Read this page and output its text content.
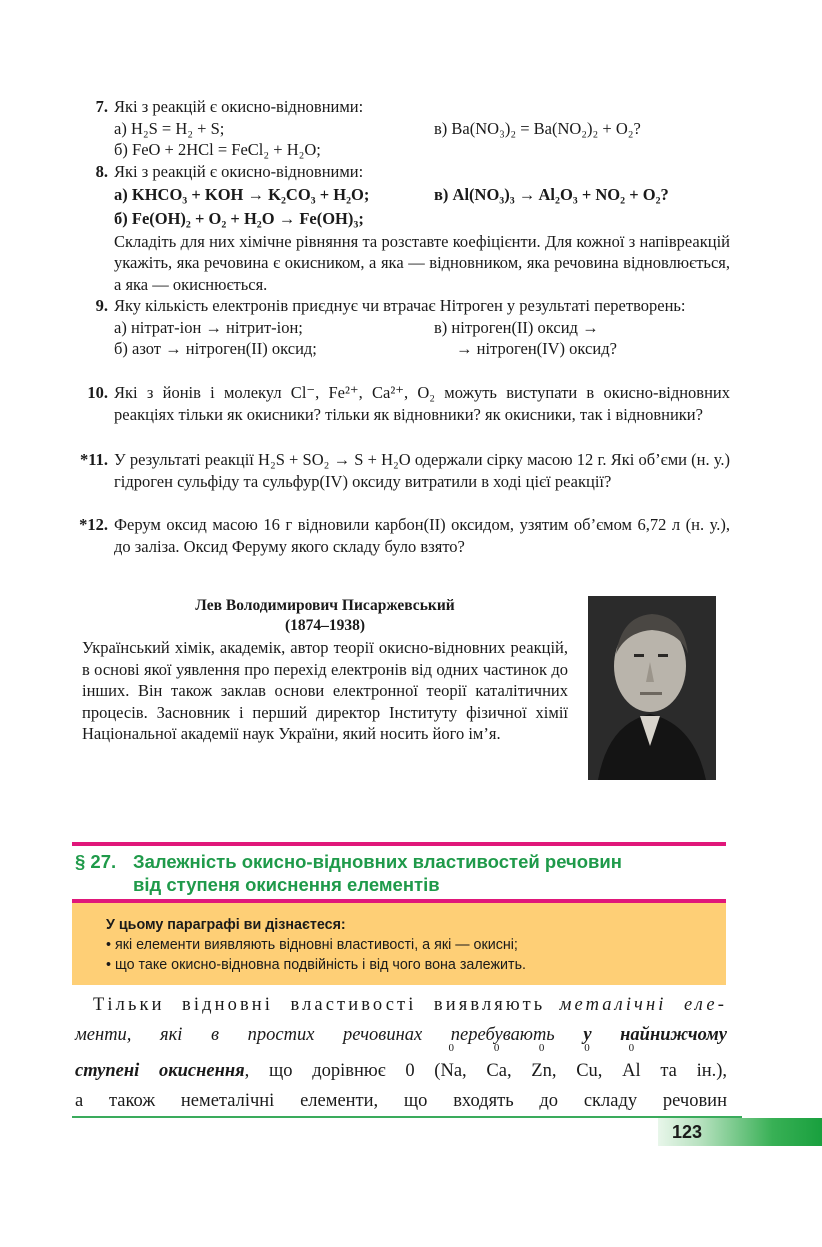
7. Які з реакцій є окисно-відновними:
а) H₂S = H₂ + S;	в) Ba(NO₃)₂ = Ba(NO₂)₂ + O₂?
б) FeO + 2HCl = FeCl₂ + H₂O;
8. Які з реакцій є окисно-відновними:
а) KHCO₃ + KOH → K₂CO₃ + H₂O;	в) Al(NO₃)₃ → Al₂O₃ + NO₂ + O₂?
б) Fe(OH)₂ + O₂ + H₂O → Fe(OH)₃;
Складіть для них хімічне рівняння та розставте коефіцієнти. Для кожної з напівреакцій укажіть, яка речовина є окисником, а яка — відновником, яка речовина відновлюється, а яка — окиснюється.
9. Яку кількість електронів приєднує чи втрачає Нітроген у результаті перетворень:
а) нітрат-іон → нітрит-іон;	в) нітроген(II) оксид →
б) азот → нітроген(II) оксид;	→ нітроген(IV) оксид?
10. Які з йонів і молекул Cl⁻, Fe²⁺, Ca²⁺, O₂ можуть виступати в окисно-відновних реакціях тільки як окисники? тільки як відновники? як окисники, так і відновники?
*11. У результаті реакції H₂S + SO₂ → S + H₂O одержали сірку масою 12 г. Які об’єми (н. у.) гідроген сульфіду та сульфур(IV) оксиду витратили в ході цієї реакції?
*12. Ферум оксид масою 16 г відновили карбон(II) оксидом, узятим об’ємом 6,72 л (н. у.), до заліза. Оксид Феруму якого складу було взято?
Лев Володимирович Писаржевський
(1874–1938)
Український хімік, академік, автор теорії окисно-відновних реакцій, в основі якої уявлення про перехід електронів від одних частинок до інших. Він також заклав основи електронної теорії каталітичних процесів. Засновник і перший директор Інституту фізичної хімії Національної академії наук України, який носить його ім’я.
§ 27. Залежність окисно-відновних властивостей речовин
від ступеня окиснення елементів
У цьому параграфі ви дізнаєтеся:
• які елементи виявляють відновні властивості, а які — окисні;
• що таке окисно-відновна подвійність і від чого вона залежить.
Тільки відновні властивості виявляють металічні еле-
менти, які в простих речовинах перебувають у найнижчому
ступені окиснення, що дорівнює 0 (
0
Na,
0
Ca,
0
Zn,
0
Cu,
0
Al та ін.),
а також неметалічні елементи, що входять до складу речовин
123
